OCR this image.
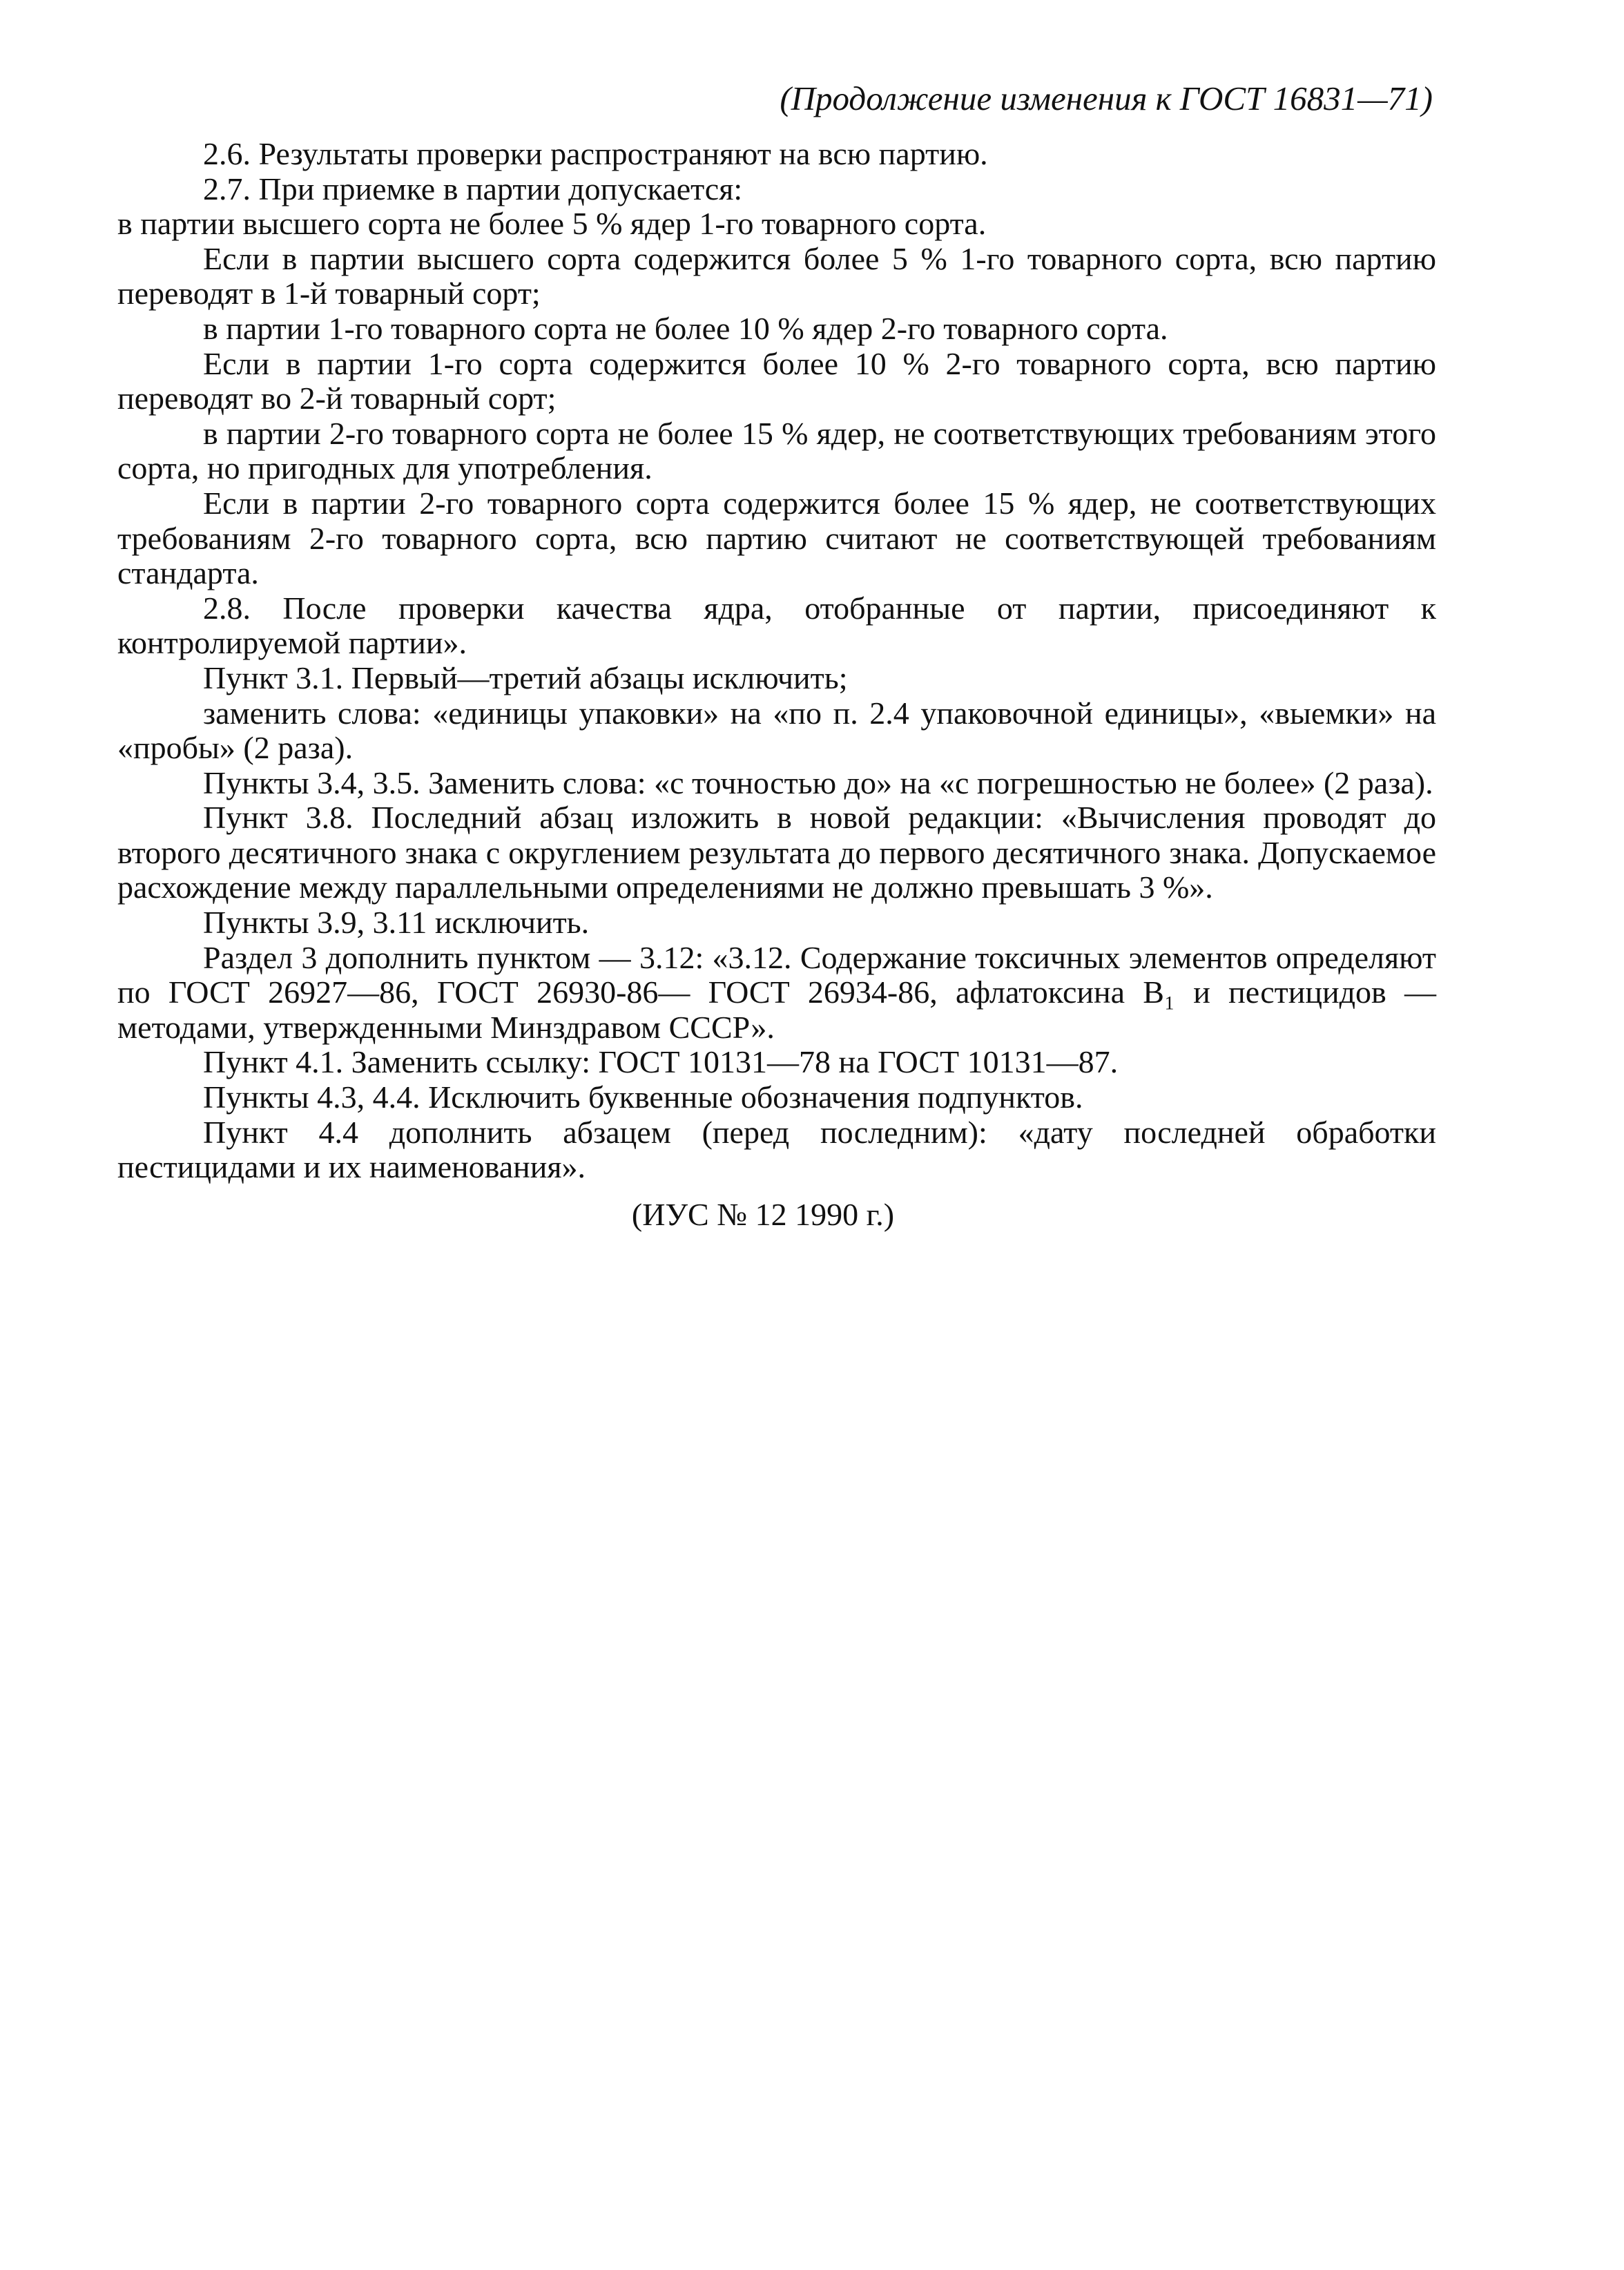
(Продолжение изменения к ГОСТ 16831—71)

2.6. Результаты проверки распространяют на всю партию.

2.7. При приемке в партии допускается:

в партии высшего сорта не более 5 % ядер 1-го товарного сорта.

Если в партии высшего сорта содержится более 5 % 1-го товарного сорта, всю партию переводят в 1-й товарный сорт;

в партии 1-го товарного сорта не более 10 % ядер 2-го товарного сорта.

Если в партии 1-го сорта содержится более 10 % 2-го товарного сорта, всю партию переводят во 2-й товарный сорт;

в партии 2-го товарного сорта не более 15 % ядер, не соответствующих требованиям этого сорта, но пригодных для употребления.

Если в партии 2-го товарного сорта содержится более 15 % ядер, не соответствующих требованиям 2-го товарного сорта, всю партию считают не соответствующей требованиям стандарта.

2.8. После проверки качества ядра, отобранные от партии, присоединяют к контролируемой партии».

Пункт 3.1. Первый—третий абзацы исключить;

заменить слова: «единицы упаковки» на «по п. 2.4 упаковочной единицы», «выемки» на «пробы» (2 раза).

Пункты 3.4, 3.5. Заменить слова: «с точностью до» на «с погрешностью не более» (2 раза).

Пункт 3.8. Последний абзац изложить в новой редакции: «Вычисления проводят до второго десятичного знака с округлением результата до первого десятичного знака. Допускаемое расхождение между параллельными определениями не должно превышать 3 %».

Пункты 3.9, 3.11 исключить.

Раздел 3 дополнить пунктом — 3.12: «3.12. Содержание токсичных элементов определяют по ГОСТ 26927—86, ГОСТ 26930-86— ГОСТ 26934-86, афлатоксина B₁ и пестицидов — методами, утвержденными Минздравом СССР».

Пункт 4.1. Заменить ссылку: ГОСТ 10131—78 на ГОСТ 10131—87.

Пункты 4.3, 4.4. Исключить буквенные обозначения подпунктов.

Пункт 4.4 дополнить абзацем (перед последним): «дату последней обработки пестицидами и их наименования».

(ИУС № 12 1990 г.)
